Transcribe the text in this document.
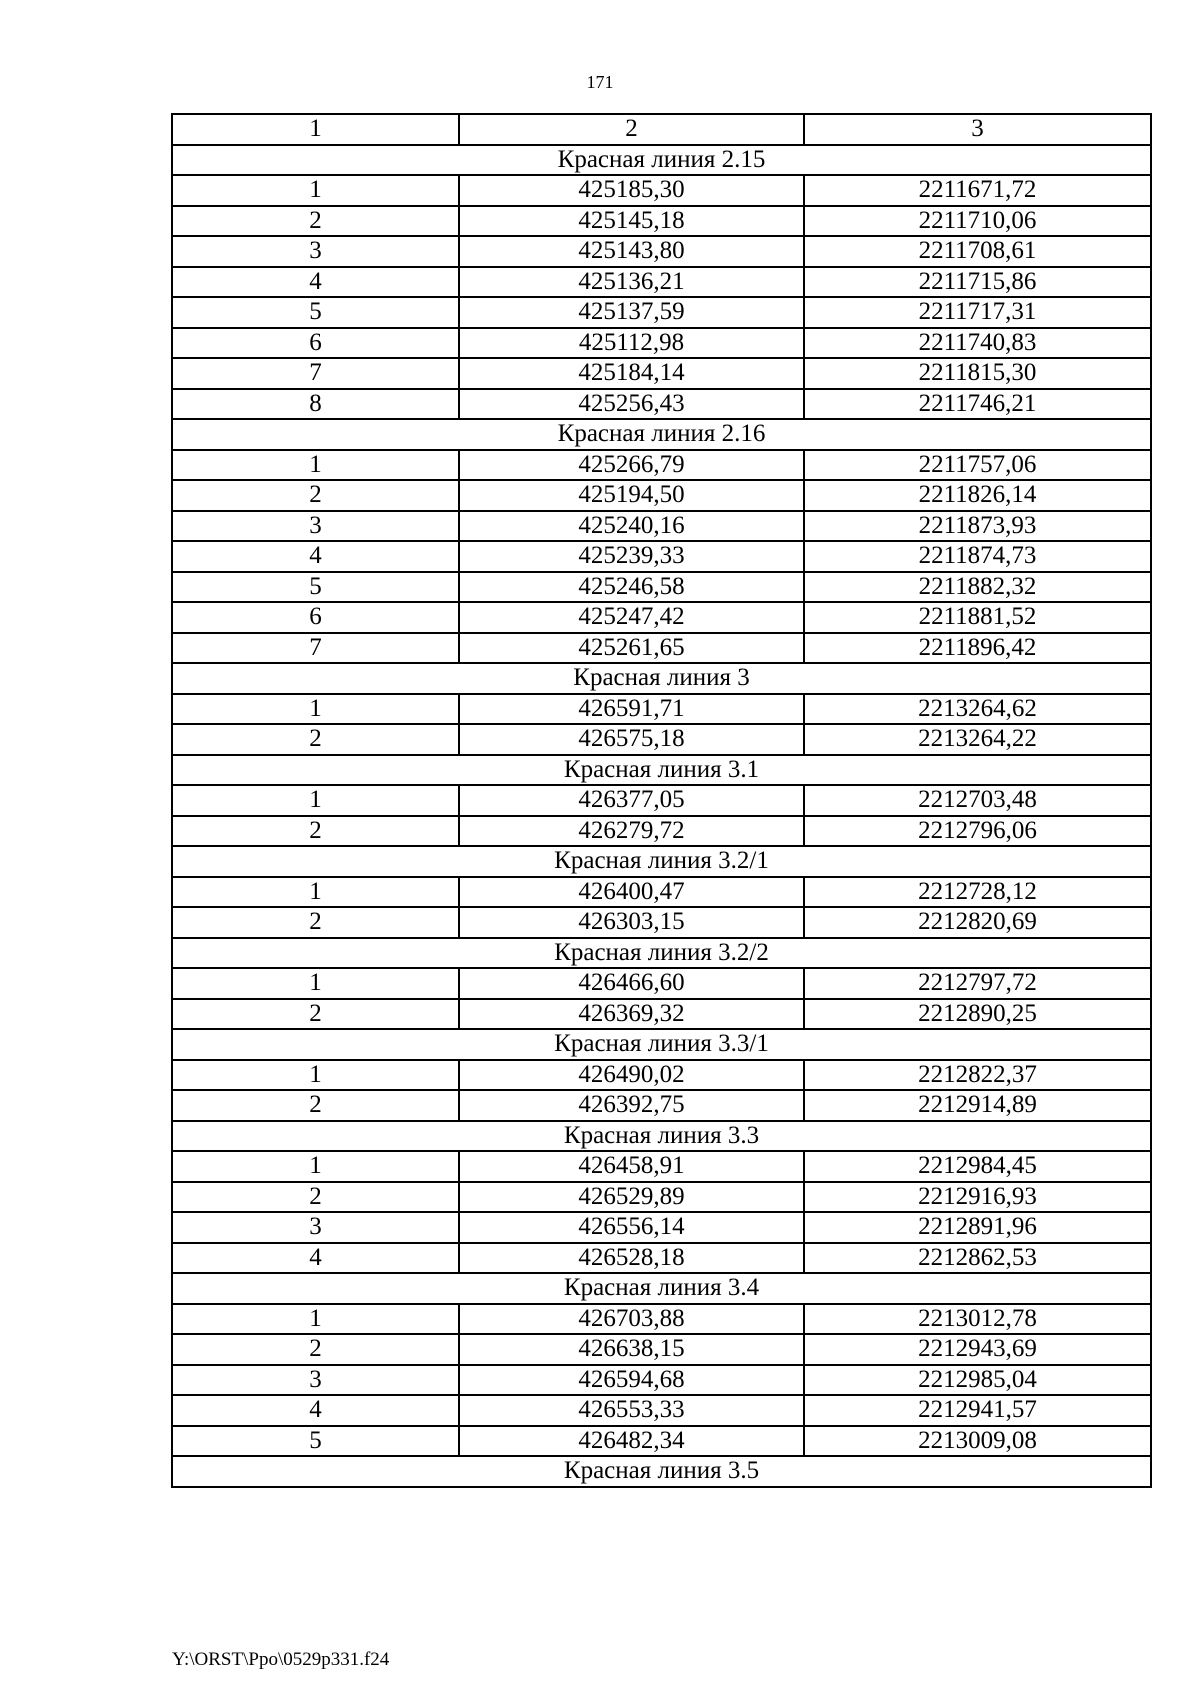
171
1	2	3
Красная линия 2.15		
1	425185,30	2211671,72
2	425145,18	2211710,06
3	425143,80	2211708,61
4	425136,21	2211715,86
5	425137,59	2211717,31
6	425112,98	2211740,83
7	425184,14	2211815,30
8	425256,43	2211746,21
Красная линия 2.16		
1	425266,79	2211757,06
2	425194,50	2211826,14
3	425240,16	2211873,93
4	425239,33	2211874,73
5	425246,58	2211882,32
6	425247,42	2211881,52
7	425261,65	2211896,42
Красная линия 3		
1	426591,71	2213264,62
2	426575,18	2213264,22
Красная линия 3.1		
1	426377,05	2212703,48
2	426279,72	2212796,06
Красная линия 3.2/1		
1	426400,47	2212728,12
2	426303,15	2212820,69
Красная линия 3.2/2		
1	426466,60	2212797,72
2	426369,32	2212890,25
Красная линия 3.3/1		
1	426490,02	2212822,37
2	426392,75	2212914,89
Красная линия 3.3		
1	426458,91	2212984,45
2	426529,89	2212916,93
3	426556,14	2212891,96
4	426528,18	2212862,53
Красная линия 3.4		
1	426703,88	2213012,78
2	426638,15	2212943,69
3	426594,68	2212985,04
4	426553,33	2212941,57
5	426482,34	2213009,08
Красная линия 3.5		
Y:\ORST\Ppo\0529p331.f24
